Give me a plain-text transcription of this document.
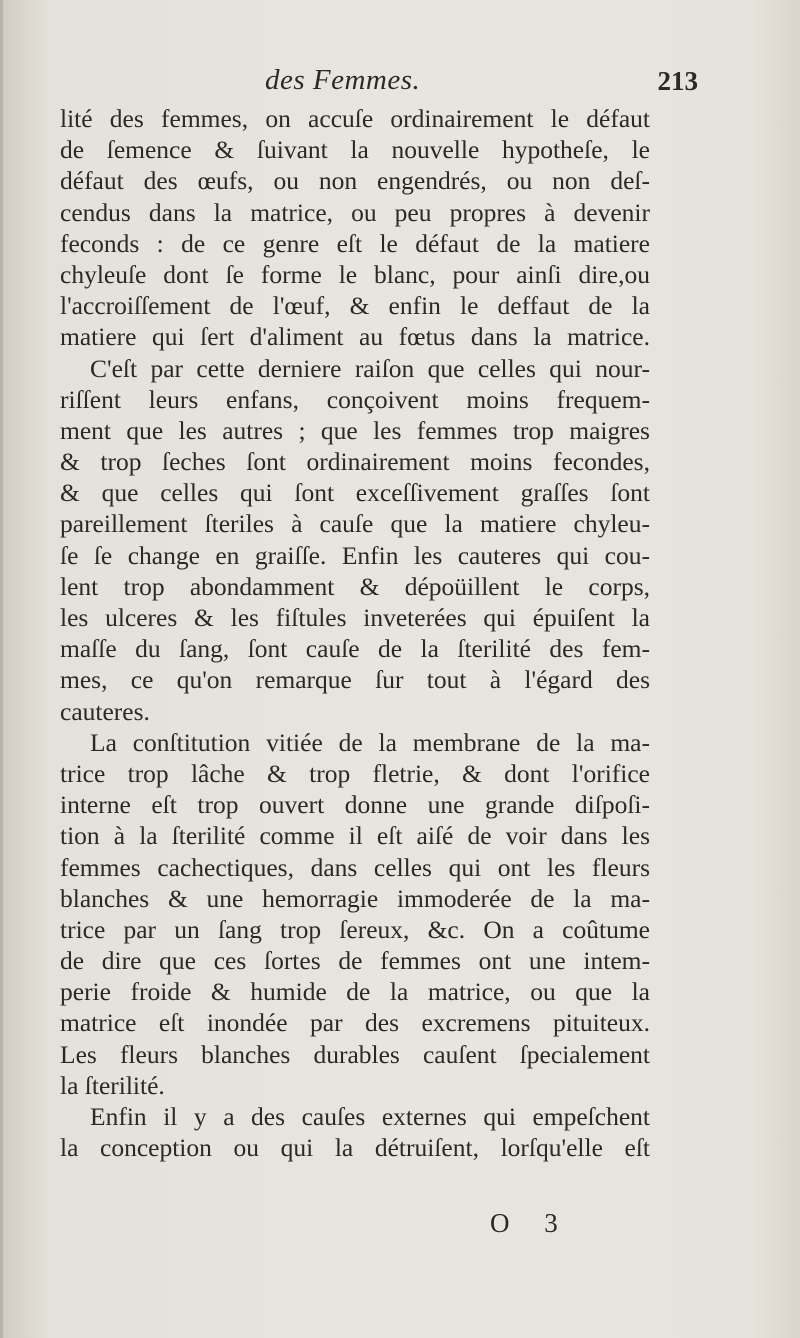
des Femmes.	213
lité des femmes, on accuſe ordinairement le défaut
de ſemence & ſuivant la nouvelle hypotheſe, le
défaut des œufs, ou non engendrés, ou non deſ-
cendus dans la matrice, ou peu propres à devenir
feconds : de ce genre eſt le défaut de la matiere
chyleuſe dont ſe forme le blanc, pour ainſi dire,ou
l'accroiſſement de l'œuf, & enfin le deffaut de la
matiere qui ſert d'aliment au fœtus dans la matrice.
C'eſt par cette derniere raiſon que celles qui nour-
riſſent leurs enfans, conçoivent moins frequem-
ment que les autres ; que les femmes trop maigres
& trop ſeches ſont ordinairement moins fecondes,
& que celles qui ſont exceſſivement graſſes ſont
pareillement ſteriles à cauſe que la matiere chyleu-
ſe ſe change en graiſſe. Enfin les cauteres qui cou-
lent trop abondamment & dépoüillent le corps,
les ulceres & les fiſtules inveterées qui épuiſent la
maſſe du ſang, ſont cauſe de la ſterilité des fem-
mes, ce qu'on remarque ſur tout à l'égard des
cauteres.
La conſtitution vitiée de la membrane de la ma-
trice trop lâche & trop fletrie, & dont l'orifice
interne eſt trop ouvert donne une grande diſpoſi-
tion à la ſterilité comme il eſt aiſé de voir dans les
femmes cachectiques, dans celles qui ont les fleurs
blanches & une hemorragie immoderée de la ma-
trice par un ſang trop ſereux, &c. On a coûtume
de dire que ces ſortes de femmes ont une intem-
perie froide & humide de la matrice, ou que la
matrice eſt inondée par des excremens pituiteux.
Les fleurs blanches durables cauſent ſpecialement
la ſterilité.
Enfin il y a des cauſes externes qui empeſchent
la conception ou qui la détruiſent, lorſqu'elle eſt
O 3
